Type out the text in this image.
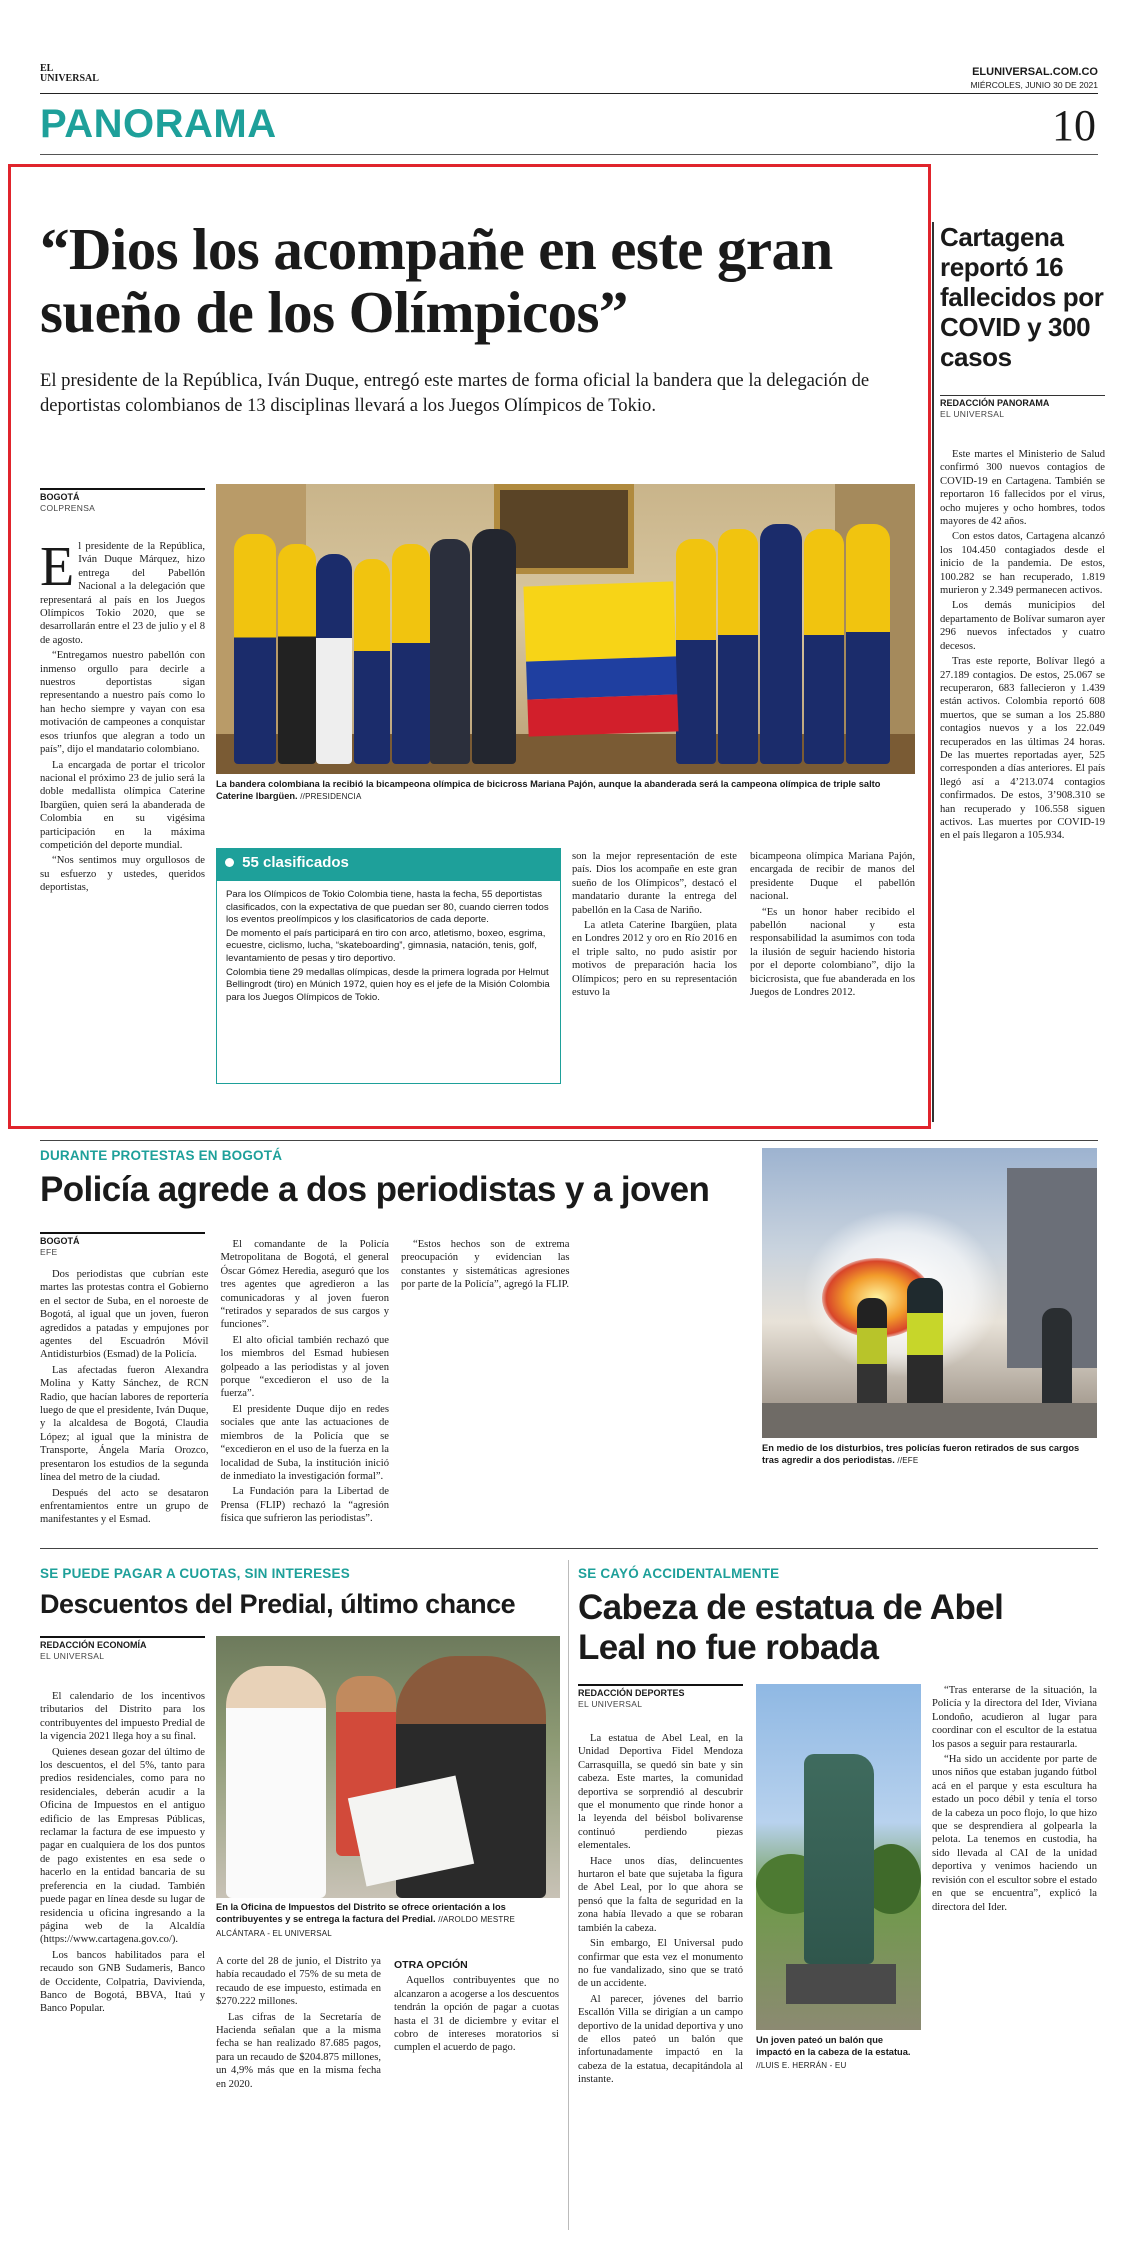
EL
UNIVERSAL
ELUNIVERSAL.COM.CO
MIÉRCOLES, JUNIO 30 DE 2021
PANORAMA	10
“Dios los acompañe en este gran sueño de los Olímpicos”
El presidente de la República, Iván Duque, entregó este martes de forma oficial la bandera que la delegación de deportistas colombianos de 13 disciplinas llevará a los Juegos Olímpicos de Tokio.
BOGOTÁ
COLPRENSA
E l presidente de la República, Iván Duque Márquez, hizo entrega del Pabellón Nacional a la delegación que representará al país en los Juegos Olímpicos Tokio 2020, que se desarrollarán entre el 23 de julio y el 8 de agosto.

“Entregamos nuestro pabellón con inmenso orgullo para decirle a nuestros deportistas sigan representando a nuestro país como lo han hecho siempre y vayan con esa motivación de campeones a conquistar esos triunfos que alegran a todo un país”, dijo el mandatario colombiano.

La encargada de portar el tricolor nacional el próximo 23 de julio será la doble medallista olímpica Caterine Ibargüen, quien será la abanderada de Colombia en su vigésima participación en la máxima competición del deporte mundial.

“Nos sentimos muy orgullosos de su esfuerzo y ustedes, queridos deportistas,

La bandera colombiana la recibió la bicampeona olímpica de bicicross Mariana Pajón, aunque la abanderada será la campeona olímpica de triple salto Caterine Ibargüen. //PRESIDENCIA
55 clasificados

Para los Olímpicos de Tokio Colombia tiene, hasta la fecha, 55 deportistas clasificados, con la expectativa de que puedan ser 80, cuando cierren todos los eventos preolímpicos y los clasificatorios de cada deporte.

De momento el país participará en tiro con arco, atletismo, boxeo, esgrima, ecuestre, ciclismo, lucha, “skateboarding”, gimnasia, natación, tenis, golf, levantamiento de pesas y tiro deportivo.

Colombia tiene 29 medallas olímpicas, desde la primera lograda por Helmut Bellingrodt (tiro) en Múnich 1972, quien hoy es el jefe de la Misión Colombia para los Juegos Olímpicos de Tokio.

son la mejor representación de este país. Dios los acompañe en este gran sueño de los Olímpicos”, destacó el mandatario durante la entrega del pabellón en la Casa de Nariño.

La atleta Caterine Ibargüen, plata en Londres 2012 y oro en Río 2016 en el triple salto, no pudo asistir por motivos de preparación hacia los Olímpicos; pero en su representación estuvo la

bicampeona olímpica Mariana Pajón, encargada de recibir de manos del presidente Duque el pabellón nacional.

“Es un honor haber recibido el pabellón nacional y esta responsabilidad la asumimos con toda la ilusión de seguir haciendo historia por el deporte colombiano”, dijo la bicicrosista, que fue abanderada en los Juegos de Londres 2012.

Cartagena reportó 16 fallecidos por COVID y 300 casos
REDACCIÓN PANORAMA
EL UNIVERSAL

Este martes el Ministerio de Salud confirmó 300 nuevos contagios de COVID-19 en Cartagena. También se reportaron 16 fallecidos por el virus, ocho mujeres y ocho hombres, todos mayores de 42 años.

Con estos datos, Cartagena alcanzó los 104.450 contagiados desde el inicio de la pandemia. De estos, 100.282 se han recuperado, 1.819 murieron y 2.349 permanecen activos.

Los demás municipios del departamento de Bolívar sumaron ayer 296 nuevos infectados y cuatro decesos.

Tras este reporte, Bolívar llegó a 27.189 contagios. De estos, 25.067 se recuperaron, 683 fallecieron y 1.439 están activos. Colombia reportó 608 muertos, que se suman a los 25.880 contagios nuevos y a los 22.049 recuperados en las últimas 24 horas. De las muertes reportadas ayer, 525 corresponden a días anteriores. El país llegó así a 4’213.074 contagios confirmados. De estos, 3’908.310 se han recuperado y 106.558 siguen activos. Las muertes por COVID-19 en el país llegaron a 105.934.

DURANTE PROTESTAS EN BOGOTÁ
Policía agrede a dos periodistas y a joven
BOGOTÁ
EFE

Dos periodistas que cubrían este martes las protestas contra el Gobierno en el sector de Suba, en el noroeste de Bogotá, al igual que un joven, fueron agredidos a patadas y empujones por agentes del Escuadrón Móvil Antidisturbios (Esmad) de la Policía.

Las afectadas fueron Alexandra Molina y Katty Sánchez, de RCN Radio, que hacían labores de reportería luego de que el presidente, Iván Duque, y la alcaldesa de Bogotá, Claudia López; al igual que la ministra de Transporte, Ángela María Orozco, presentaron los estudios de la segunda línea del metro de la ciudad.

Después del acto se desataron enfrentamientos entre un grupo de manifestantes y el Esmad.

El comandante de la Policía Metropolitana de Bogotá, el general Óscar Gómez Heredia, aseguró que los tres agentes que agredieron a las comunicadoras y al joven fueron “retirados y separados de sus cargos y funciones”.

El alto oficial también rechazó que los miembros del Esmad hubiesen golpeado a las periodistas y al joven porque “excedieron el uso de la fuerza”.

El presidente Duque dijo en redes sociales que ante las actuaciones de miembros de la Policía que se “excedieron en el uso de la fuerza en la localidad de Suba, la institución inició de inmediato la investigación formal”.

La Fundación para la Libertad de Prensa (FLIP) rechazó la “agresión física que sufrieron las periodistas”.

“Estos hechos son de extrema preocupación y evidencian las constantes y sistemáticas agresiones por parte de la Policía”, agregó la FLIP.

En medio de los disturbios, tres policías fueron retirados de sus cargos tras agredir a dos periodistas. //EFE
SE PUEDE PAGAR A CUOTAS, SIN INTERESES
Descuentos del Predial, último chance
REDACCIÓN ECONOMÍA
EL UNIVERSAL

El calendario de los incentivos tributarios del Distrito para los contribuyentes del impuesto Predial de la vigencia 2021 llega hoy a su final.

Quienes desean gozar del último de los descuentos, el del 5%, tanto para predios residenciales, como para no residenciales, deberán acudir a la Oficina de Impuestos en el antiguo edificio de las Empresas Públicas, reclamar la factura de ese impuesto y pagar en cualquiera de los dos puntos de pago existentes en esa sede o hacerlo en la entidad bancaria de su preferencia en la ciudad. También puede pagar en línea desde su lugar de residencia u oficina ingresando a la página web de la Alcaldía (https://www.cartagena.gov.co/).

Los bancos habilitados para el recaudo son GNB Sudameris, Banco de Occidente, Colpatria, Davivienda, Banco de Bogotá, BBVA, Itaú y Banco Popular.

En la Oficina de Impuestos del Distrito se ofrece orientación a los contribuyentes y se entrega la factura del Predial. //AROLDO MESTRE ALCÁNTARA - EL UNIVERSAL

A corte del 28 de junio, el Distrito ya había recaudado el 75% de su meta de recaudo de ese impuesto, estimada en $270.222 millones.

Las cifras de la Secretaría de Hacienda señalan que a la misma fecha se han realizado 87.685 pagos, para un recaudo de $204.875 millones, un 4,9% más que en la misma fecha en 2020.

OTRA OPCIÓN

Aquellos contribuyentes que no alcanzaron a acogerse a los descuentos tendrán la opción de pagar a cuotas hasta el 31 de diciembre y evitar el cobro de intereses moratorios si cumplen el acuerdo de pago.

SE CAYÓ ACCIDENTALMENTE
Cabeza de estatua de Abel Leal no fue robada
REDACCIÓN DEPORTES
EL UNIVERSAL

La estatua de Abel Leal, en la Unidad Deportiva Fidel Mendoza Carrasquilla, se quedó sin bate y sin cabeza. Este martes, la comunidad deportiva se sorprendió al descubrir que el monumento que rinde honor a la leyenda del béisbol bolivarense continuó perdiendo piezas elementales.

Hace unos días, delincuentes hurtaron el bate que sujetaba la figura de Abel Leal, por lo que ahora se pensó que la falta de seguridad en la zona había llevado a que se robaran también la cabeza.

Sin embargo, El Universal pudo confirmar que esta vez el monumento no fue vandalizado, sino que se trató de un accidente.

Al parecer, jóvenes del barrio Escallón Villa se dirigían a un campo deportivo de la unidad deportiva y uno de ellos pateó un balón que infortunadamente impactó en la cabeza de la estatua, decapitándola al instante.

Un joven pateó un balón que impactó en la cabeza de la estatua. //LUIS E. HERRÁN - EU

“Tras enterarse de la situación, la Policía y la directora del Ider, Viviana Londoño, acudieron al lugar para coordinar con el escultor de la estatua los pasos a seguir para restaurarla.

“Ha sido un accidente por parte de unos niños que estaban jugando fútbol acá en el parque y esta escultura ha estado un poco débil y tenía el torso de la cabeza un poco flojo, lo que hizo que se desprendiera al golpearla la pelota. La tenemos en custodia, ha sido llevada al CAI de la unidad deportiva y venimos haciendo un revisión con el escultor sobre el estado en que se encuentra”, explicó la directora del Ider.
